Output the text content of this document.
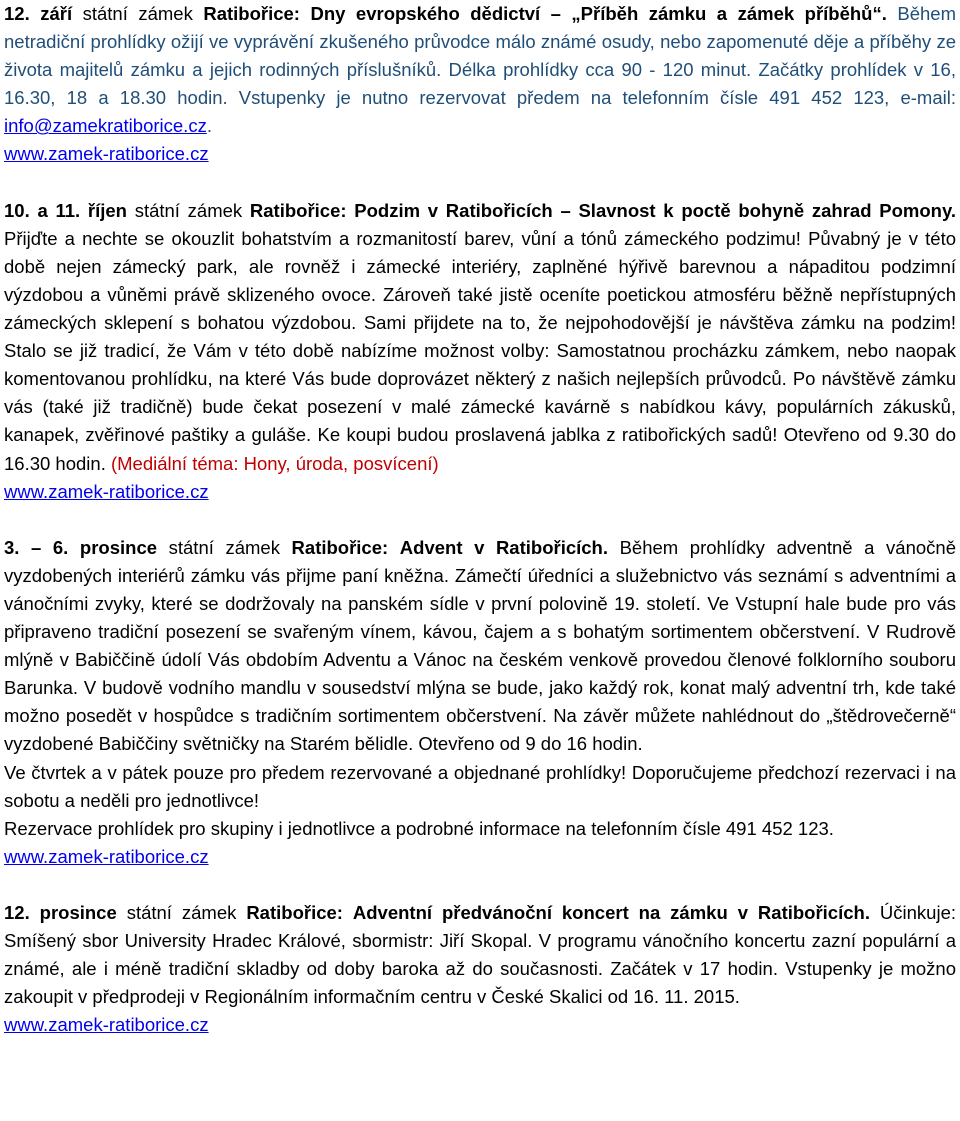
12. září státní zámek Ratibořice: Dny evropského dědictví – „Příběh zámku a zámek příběhů“. Během netradiční prohlídky ožijí ve vyprávění zkušeného průvodce málo známé osudy, nebo zapomenuté děje a příběhy ze života majitelů zámku a jejich rodinných příslušníků. Délka prohlídky cca 90 - 120 minut. Začátky prohlídek v 16, 16.30, 18 a 18.30 hodin. Vstupenky je nutno rezervovat předem na telefonním čísle 491 452 123, e-mail: info@zamekratiborice.cz.

www.zamek-ratiborice.cz

10. a 11. říjen státní zámek Ratibořice: Podzim v Ratibořicích – Slavnost k poctě bohyně zahrad Pomony. Přijďte a nechte se okouzlit bohatstvím a rozmanitostí barev, vůní a tónů zámeckého podzimu! Půvabný je v této době nejen zámecký park, ale rovněž i zámecké interiéry, zaplněné hýřivě barevnou a nápaditou podzimní výzdobou a vůněmi právě sklizeného ovoce. Zároveň také jistě oceníte poetickou atmosféru běžně nepřístupných zámeckých sklepení s bohatou výzdobou. Sami přijdete na to, že nejpohodovější je návštěva zámku na podzim! Stalo se již tradicí, že Vám v této době nabízíme možnost volby: Samostatnou procházku zámkem, nebo naopak komentovanou prohlídku, na které Vás bude doprovázet některý z našich nejlepších průvodců. Po návštěvě zámku vás (také již tradičně) bude čekat posezení v malé zámecké kavárně s nabídkou kávy, populárních zákusků, kanapek, zvěřinové paštiky a guláše. Ke koupi budou proslavená jablka z ratibořických sadů! Otevřeno od 9.30 do 16.30 hodin. (Mediální téma: Hony, úroda, posvícení)

www.zamek-ratiborice.cz

3. – 6. prosince státní zámek Ratibořice: Advent v Ratibořicích. Během prohlídky adventně a vánočně vyzdobených interiérů zámku vás přijme paní kněžna. Zámečtí úředníci a služebnictvo vás seznámí s adventními a vánočními zvyky, které se dodržovaly na panském sídle v první polovině 19. století. Ve Vstupní hale bude pro vás připraveno tradiční posezení se svařeným vínem, kávou, čajem a s bohatým sortimentem občerstvení. V Rudrově mlýně v Babiččině údolí Vás obdobím Adventu a Vánoc na českém venkově provedou členové folklorního souboru Barunka. V budově vodního mandlu v sousedství mlýna se bude, jako každý rok, konat malý adventní trh, kde také možno posedět v hospůdce s tradičním sortimentem občerstvení. Na závěr můžete nahlédnout do „štědrovečerně“ vyzdobené Babiččiny světničky na Starém bělidle. Otevřeno od 9 do 16 hodin.

Ve čtvrtek a v pátek pouze pro předem rezervované a objednané prohlídky! Doporučujeme předchozí rezervaci i na sobotu a neděli pro jednotlivce!

Rezervace prohlídek pro skupiny i jednotlivce a podrobné informace na telefonním čísle 491 452 123.

www.zamek-ratiborice.cz

12. prosince státní zámek Ratibořice: Adventní předvánoční koncert na zámku v Ratibořicích. Účinkuje: Smíšený sbor University Hradec Králové, sbormistr: Jiří Skopal. V programu vánočního koncertu zazní populární a známé, ale i méně tradiční skladby od doby baroka až do současnosti. Začátek v 17 hodin. Vstupenky je možno zakoupit v předprodeji v Regionálním informačním centru v České Skalici od 16. 11. 2015.

www.zamek-ratiborice.cz
